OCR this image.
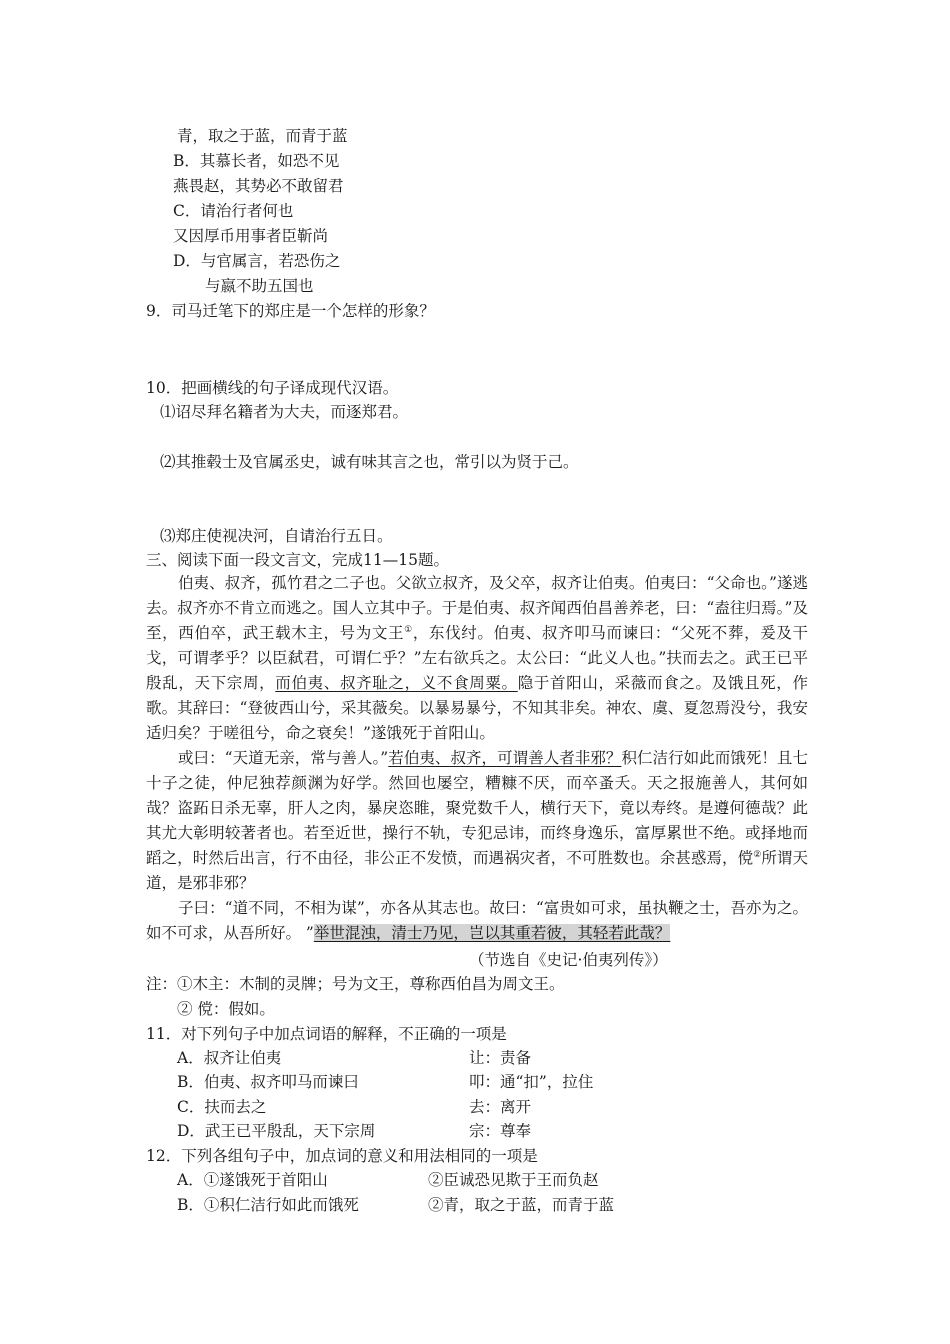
青，取之于蓝，而青于蓝
B．其慕长者，如恐不见
燕畏赵，其势必不敢留君
C．请治行者何也
又因厚币用事者臣靳尚
D．与官属言，若恐伤之
与嬴不助五国也
9．司马迁笔下的郑庄是一个怎样的形象？
10．把画横线的句子译成现代汉语。
⑴诏尽拜名籍者为大夫，而逐郑君。
⑵其推毂士及官属丞史，诚有味其言之也，常引以为贤于己。
⑶郑庄使视决河，自请治行五日。
三、阅读下面一段文言文，完成11—15题。
伯夷、叔齐，孤竹君之二子也。父欲立叔齐，及父卒，叔齐让伯夷。伯夷曰：“父命也。”遂逃去。叔齐亦不肯立而逃之。国人立其中子。于是伯夷、叔齐闻西伯昌善养老，曰：“盍往归焉。”及至，西伯卒，武王载木主，号为文王①，东伐纣。伯夷、叔齐叩马而谏曰：“父死不葬，爰及干戈，可谓孝乎？以臣弑君，可谓仁乎？”左右欲兵之。太公曰：“此义人也。”扶而去之。武王已平殷乱，天下宗周，而伯夷、叔齐耻之，义不食周粟。隐于首阳山，采薇而食之。及饿且死，作歌。其辞曰：“登彼西山兮，采其薇矣。以暴易暴兮，不知其非矣。神农、虞、夏忽焉没兮，我安适归矣？于嗟徂兮，命之衰矣！”遂饿死于首阳山。
或曰：“天道无亲，常与善人。”若伯夷、叔齐，可谓善人者非邪？积仁洁行如此而饿死！且七十子之徒，仲尼独荐颜渊为好学。然回也屡空，糟糠不厌，而卒蚤夭。天之报施善人，其何如哉？盗跖日杀无辜，肝人之肉，暴戾恣睢，聚党数千人，横行天下，竟以寿终。是遵何德哉？此其尤大彰明较著者也。若至近世，操行不轨，专犯忌讳，而终身逸乐，富厚累世不绝。或择地而蹈之，时然后出言，行不由径，非公正不发愤，而遇祸灾者，不可胜数也。余甚惑焉，傥②所谓天道，是邪非邪？
子曰：“道不同，不相为谋”，亦各从其志也。故曰：“富贵如可求，虽执鞭之士，吾亦为之。如不可求，从吾所好。 ”举世混浊，清士乃见，岂以其重若彼，其轻若此哉？
（节选自《史记·伯夷列传》）
注：①木主：木制的灵牌；号为文王，尊称西伯昌为周文王。
② 傥：假如。
11．对下列句子中加点词语的解释，不正确的一项是
A．叔齐让伯夷	让：责备
B．伯夷、叔齐叩马而谏曰	叩：通“扣”，拉住
C．扶而去之	去：离开
D．武王已平殷乱，天下宗周	宗：尊奉
12．下列各组句子中，加点词的意义和用法相同的一项是
A．①遂饿死于首阳山	②臣诚恐见欺于王而负赵
B．①积仁洁行如此而饿死	②青，取之于蓝，而青于蓝
